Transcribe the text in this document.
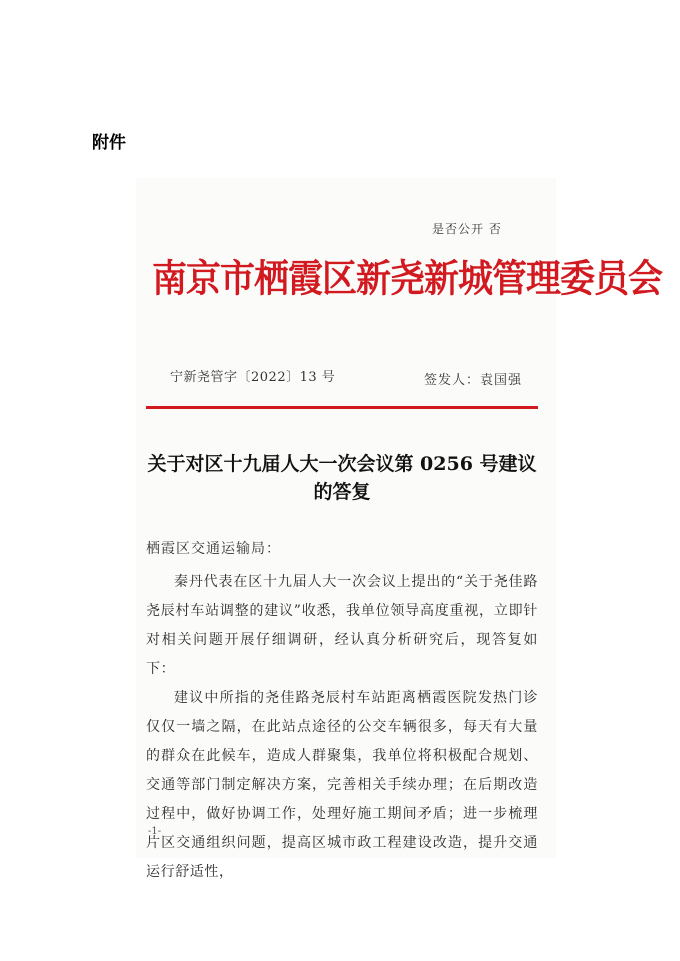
附件
是否公开 否
南京市栖霞区新尧新城管理委员会
宁新尧管字〔2022〕13 号	签发人：袁国强
关于对区十九届人大一次会议第 0256 号建议
的答复
栖霞区交通运输局：

秦丹代表在区十九届人大一次会议上提出的“关于尧佳路尧辰村车站调整的建议”收悉，我单位领导高度重视，立即针对相关问题开展仔细调研，经认真分析研究后，现答复如下：

建议中所指的尧佳路尧辰村车站距离栖霞医院发热门诊仅仅一墙之隔，在此站点途径的公交车辆很多，每天有大量的群众在此候车，造成人群聚集，我单位将积极配合规划、交通等部门制定解决方案，完善相关手续办理；在后期改造过程中，做好协调工作，处理好施工期间矛盾；进一步梳理片区交通组织问题，提高区城市政工程建设改造，提升交通运行舒适性，

-1-
